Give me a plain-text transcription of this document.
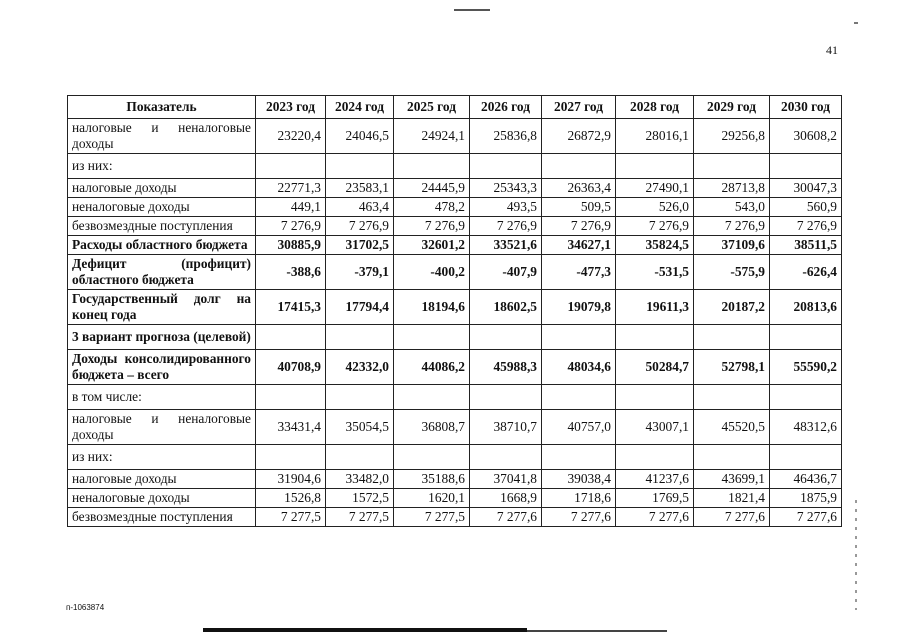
41
Показатель	2023 год	2024 год	2025 год	2026 год	2027 год	2028 год	2029 год	2030 год
налоговые и неналоговые доходы	23220,4	24046,5	24924,1	25836,8	26872,9	28016,1	29256,8	30608,2
из них:								
налоговые доходы	22771,3	23583,1	24445,9	25343,3	26363,4	27490,1	28713,8	30047,3
неналоговые доходы	449,1	463,4	478,2	493,5	509,5	526,0	543,0	560,9
безвозмездные поступления	7 276,9	7 276,9	7 276,9	7 276,9	7 276,9	7 276,9	7 276,9	7 276,9
Расходы областного бюджета	30885,9	31702,5	32601,2	33521,6	34627,1	35824,5	37109,6	38511,5
Дефицит (профицит) областного бюджета	-388,6	-379,1	-400,2	-407,9	-477,3	-531,5	-575,9	-626,4
Государственный долг на конец года	17415,3	17794,4	18194,6	18602,5	19079,8	19611,3	20187,2	20813,6
3 вариант прогноза (целевой)								
Доходы консолидированного бюджета – всего	40708,9	42332,0	44086,2	45988,3	48034,6	50284,7	52798,1	55590,2
в том числе:								
налоговые и неналоговые доходы	33431,4	35054,5	36808,7	38710,7	40757,0	43007,1	45520,5	48312,6
из них:								
налоговые доходы	31904,6	33482,0	35188,6	37041,8	39038,4	41237,6	43699,1	46436,7
неналоговые доходы	1526,8	1572,5	1620,1	1668,9	1718,6	1769,5	1821,4	1875,9
безвозмездные поступления	7 277,5	7 277,5	7 277,5	7 277,6	7 277,6	7 277,6	7 277,6	7 277,6
п-1063874
